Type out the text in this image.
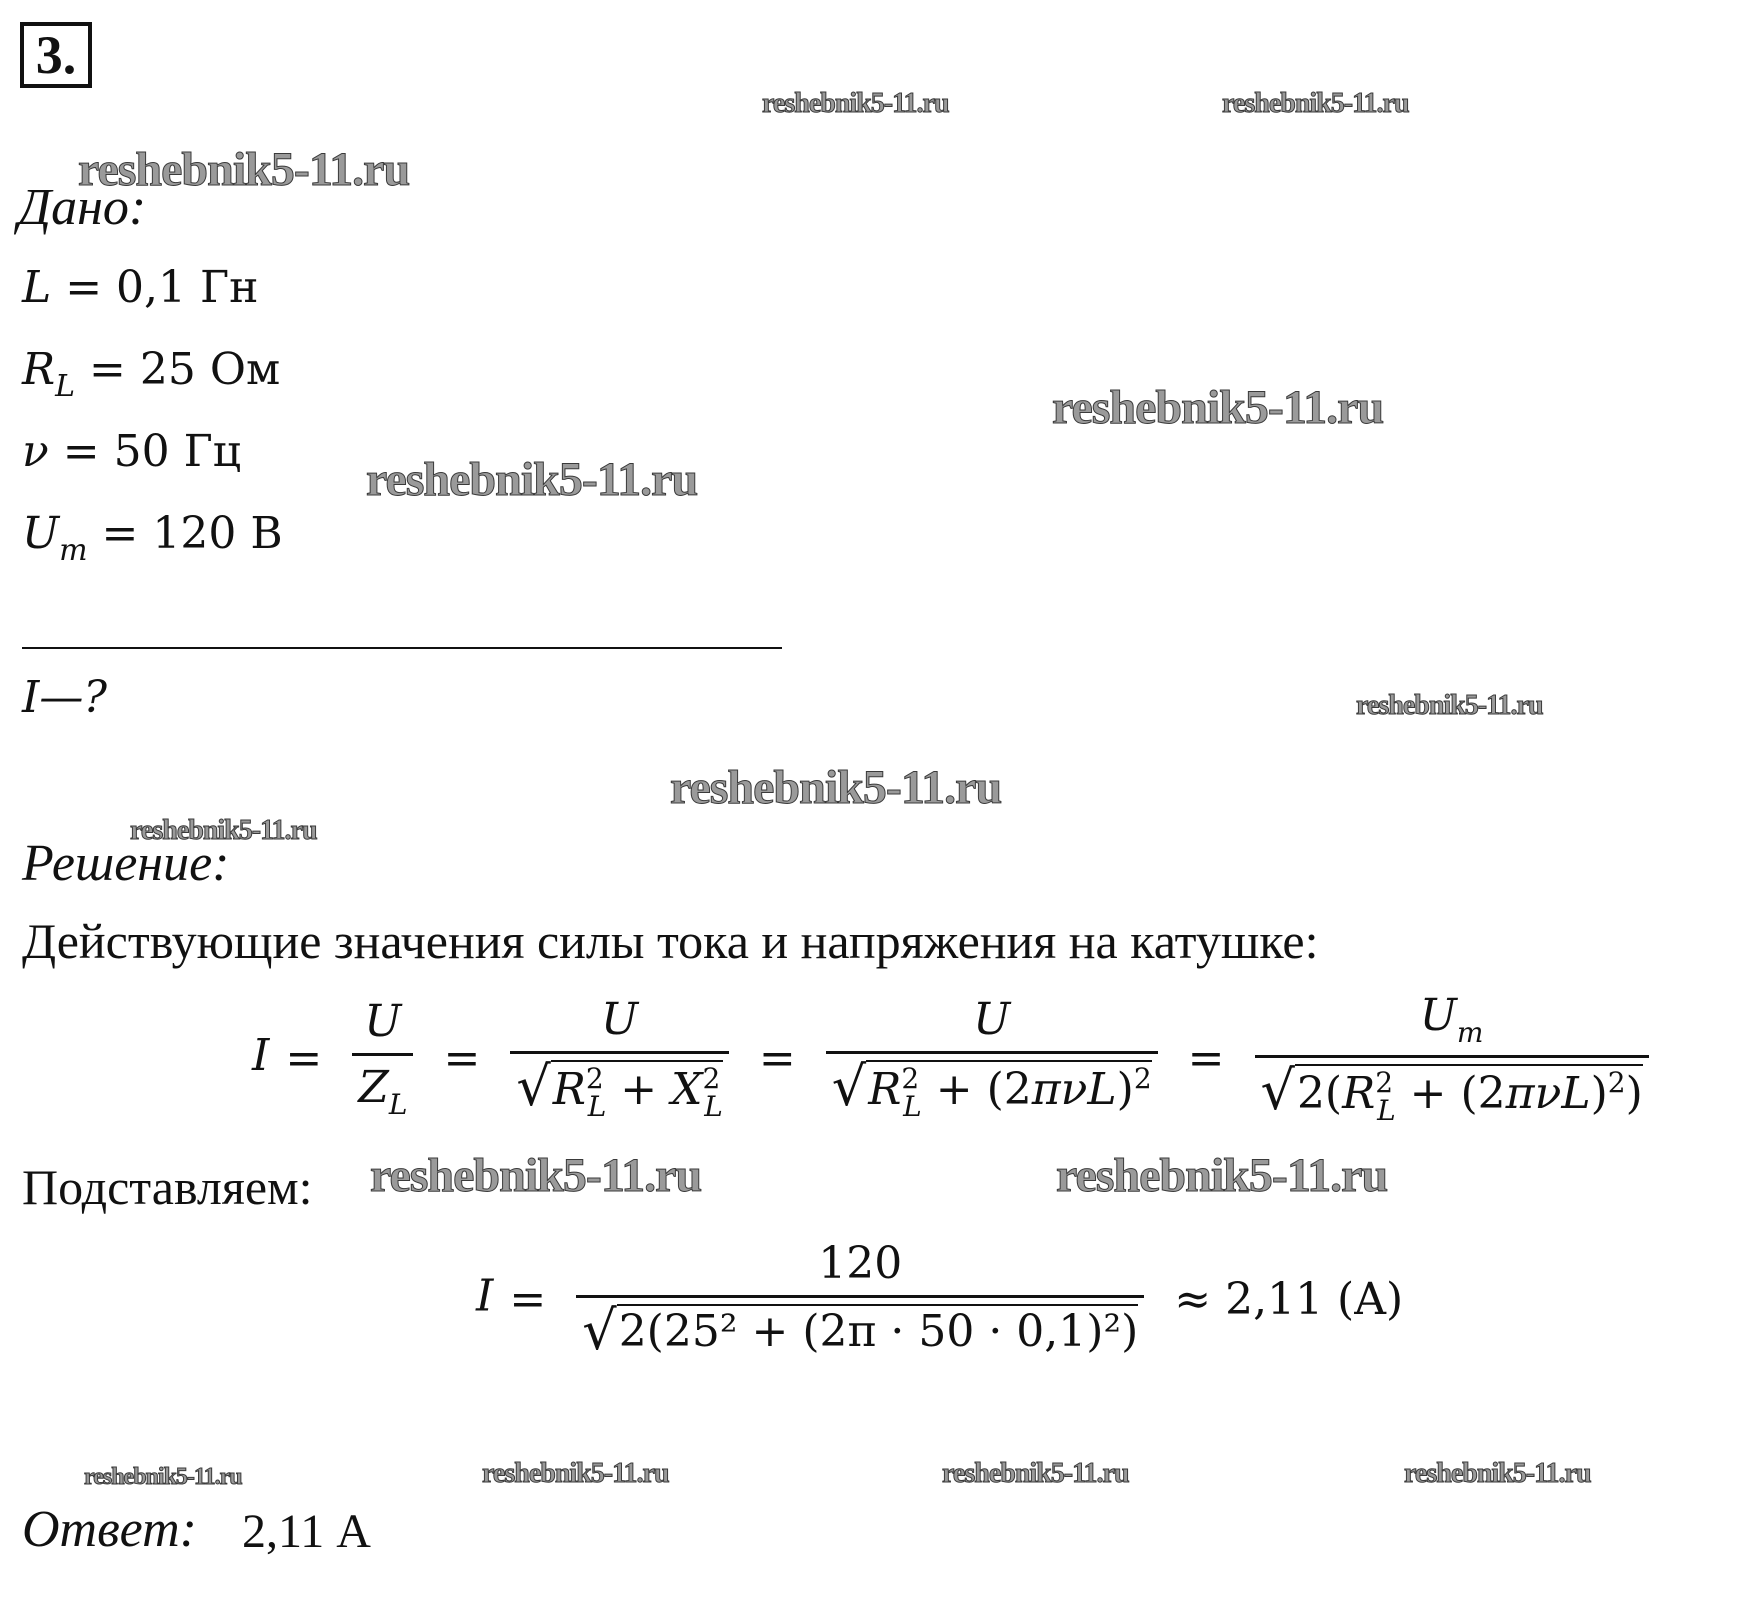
3.
reshebnik5-11.ru	reshebnik5-11.ru
reshebnik5-11.ru
reshebnik5-11.ru
reshebnik5-11.ru
reshebnik5-11.ru
reshebnik5-11.ru
reshebnik5-11.ru
reshebnik5-11.ru	reshebnik5-11.ru
reshebnik5-11.ru	reshebnik5-11.ru	reshebnik5-11.ru	reshebnik5-11.ru
Дано:
L = 0,1 Гн
$R_L = 25$ Ом
ν = 50 Гц
$U_m = 120$ В
I—?
Решение:
Действующие значения силы тока и напряжения на катушке:
$I = \frac{U}{Z_L} = \frac{U}{√ R^2_L + X^2_L} = \frac{U}{√ R^2_L + (2\pi\nu L)^2} = \frac{U_m}{√ 2(R^2_L + (2\pi\nu L)^2)}$
Подставляем:
$I = \frac{120}{\text{√ 2(25² + (2π · 50 · 0,1)²)}} \approx 2,11$ (A)
Ответ: 2,11 А
